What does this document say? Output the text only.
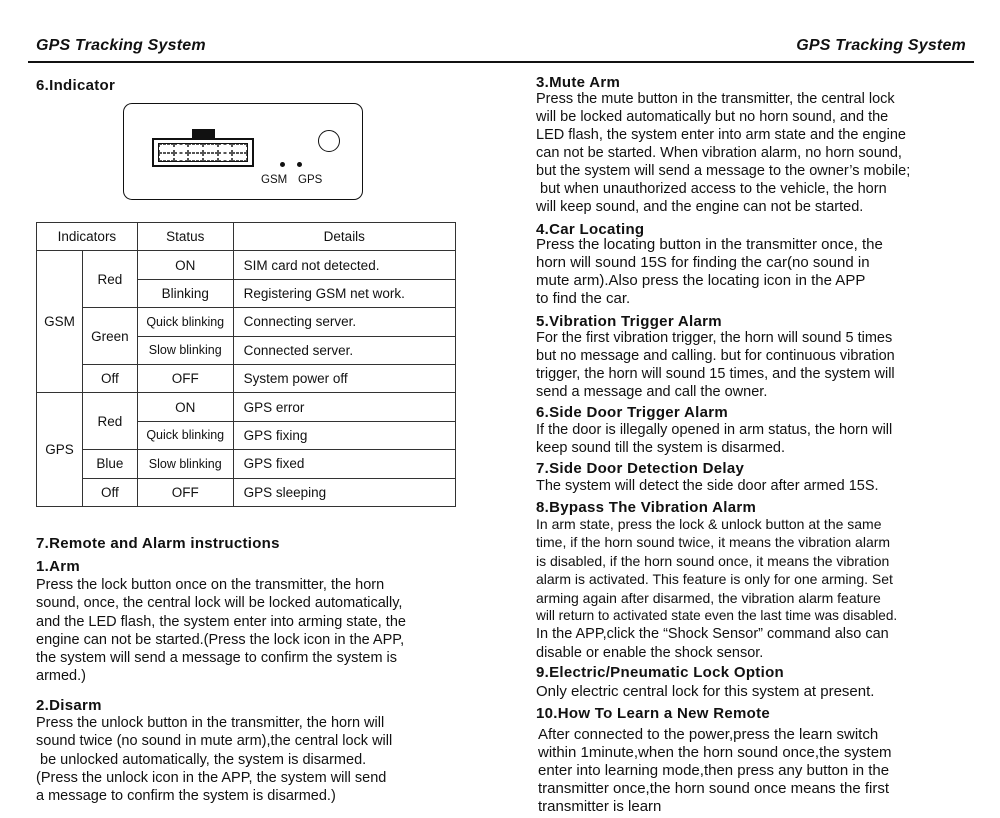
GPS Tracking System	GPS Tracking System
6.Indicator
GSM GPS
Indicators		Status	Details
GSM	Red	ON	SIM card not detected.
		Blinking	Registering GSM net work.
	Green	Quick blinking	Connecting server.
		Slow blinking	Connected server.
	Off	OFF	System power off
GPS	Red	ON	GPS error
		Quick blinking	GPS fixing
	Blue	Slow blinking	GPS fixed
	Off	OFF	GPS sleeping
7.Remote and Alarm instructions
1.Arm
Press the lock button once on the transmitter, the horn
sound, once, the central lock will be locked automatically,
and the LED flash, the system enter into arming state, the
engine can not be started.(Press the lock icon in the APP,
the system will send a message to confirm the system is
armed.)
2.Disarm
Press the unlock button in the transmitter, the horn will
sound twice (no sound in mute arm),the central lock will
be unlocked automatically, the system is disarmed.
(Press the unlock icon in the APP, the system will send
a message to confirm the system is disarmed.)
3.Mute Arm
Press the mute button in the transmitter, the central lock
will be locked automatically but no horn sound, and the
LED flash, the system enter into arm state and the engine
can not be started. When vibration alarm, no horn sound,
but the system will send a message to the owner’s mobile;
but when unauthorized access to the vehicle, the horn
will keep sound, and the engine can not be started.
4.Car Locating
Press the locating button in the transmitter once, the
horn will sound 15S for finding the car(no sound in
mute arm).Also press the locating icon in the APP
to find the car.
5.Vibration Trigger Alarm
For the first vibration trigger, the horn will sound 5 times
but no message and calling. but for continuous vibration
trigger, the horn will sound 15 times, and the system will
send a message and call the owner.
6.Side Door Trigger Alarm
If the door is illegally opened in arm status, the horn will
keep sound till the system is disarmed.
7.Side Door Detection Delay
The system will detect the side door after armed 15S.
8.Bypass The Vibration Alarm
In arm state, press the lock & unlock button at the same
time, if the horn sound twice, it means the vibration alarm
is disabled, if the horn sound once, it means the vibration
alarm is activated. This feature is only for one arming. Set
arming again after disarmed, the vibration alarm feature
will return to activated state even the last time was disabled.
In the APP,click the “Shock Sensor” command also can
disable or enable the shock sensor.
9.Electric/Pneumatic Lock Option
Only electric central lock for this system at present.
10.How To Learn a New Remote
After connected to the power,press the learn switch
within 1minute,when the horn sound once,the system
enter into learning mode,then press any button in the
transmitter once,the horn sound once means the first
transmitter is learn
